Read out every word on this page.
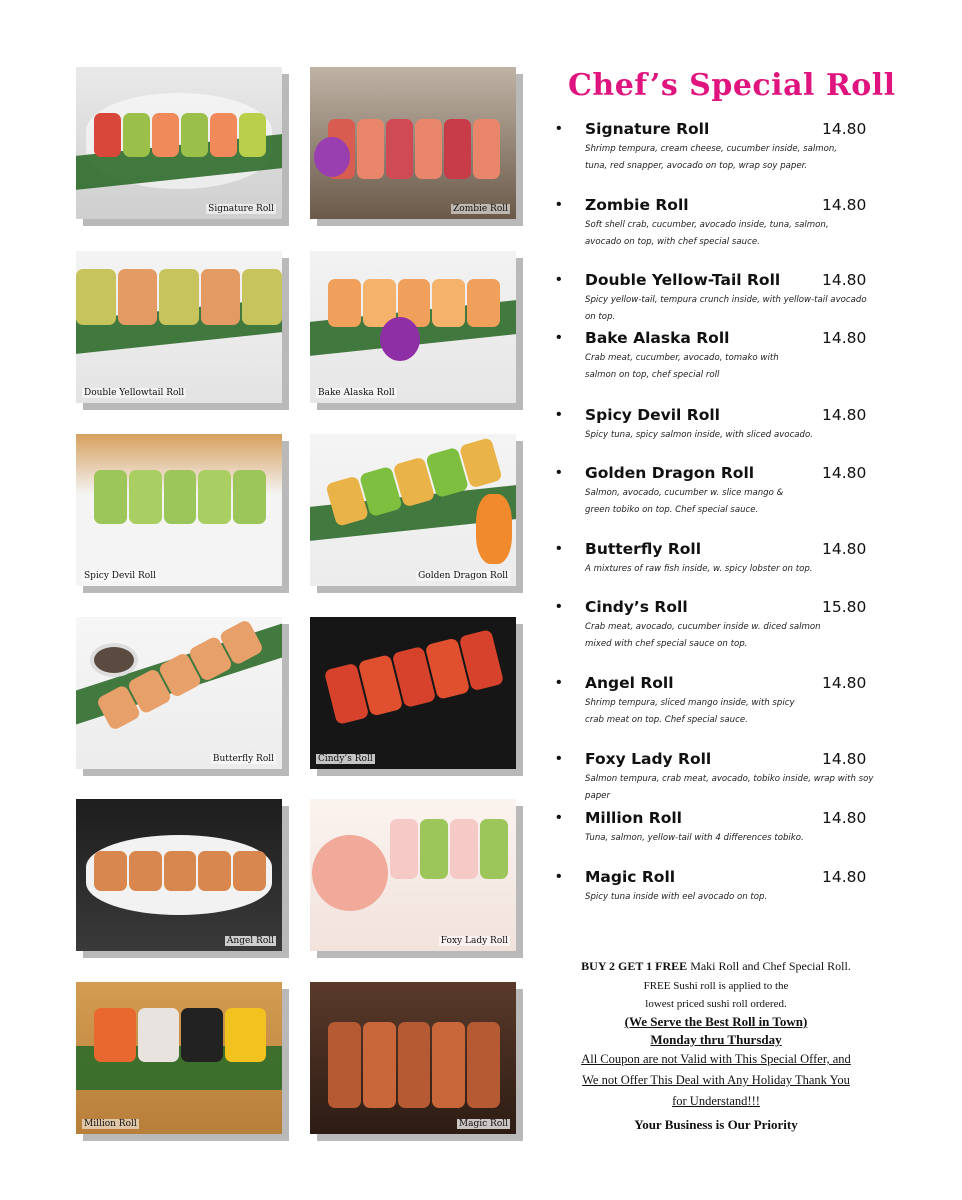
Signature Roll	Zombie Roll
Double Yellowtail Roll	Bake Alaska Roll
Spicy Devil Roll	Golden Dragon Roll
Butterfly Roll	Cindy’s Roll
Angel Roll	Foxy Lady Roll
Million Roll	Magic Roll
Chef’s Special Roll
• Signature Roll	14.80
Shrimp tempura, cream cheese, cucumber inside, salmon,
tuna, red snapper, avocado on top, wrap soy paper.
• Zombie Roll	14.80
Soft shell crab, cucumber, avocado inside, tuna, salmon,
avocado on top, with chef special sauce.
• Double Yellow-Tail Roll	14.80
Spicy yellow-tail, tempura crunch inside, with yellow-tail avocado on top.
• Bake Alaska Roll	14.80
Crab meat, cucumber, avocado, tomako with
salmon on top, chef special roll
• Spicy Devil Roll	14.80
Spicy tuna, spicy salmon inside, with sliced avocado.
• Golden Dragon Roll	14.80
Salmon, avocado, cucumber w. slice mango &
green tobiko on top. Chef special sauce.
• Butterfly Roll	14.80
A mixtures of raw fish inside, w. spicy lobster on top.
• Cindy’s Roll	15.80
Crab meat, avocado, cucumber inside w. diced salmon
mixed with chef special sauce on top.
• Angel Roll	14.80
Shrimp tempura, sliced mango inside, with spicy
crab meat on top. Chef special sauce.
• Foxy Lady Roll	14.80
Salmon tempura, crab meat, avocado, tobiko inside, wrap with soy paper
• Million Roll	14.80
Tuna, salmon, yellow-tail with 4 differences tobiko.
• Magic Roll	14.80
Spicy tuna inside with eel avocado on top.
BUY 2 GET 1 FREE Maki Roll and Chef Special Roll.
FREE Sushi roll is applied to the
lowest priced sushi roll ordered.
(We Serve the Best Roll in Town)
Monday thru Thursday
All Coupon are not Valid with This Special Offer, and
We not Offer This Deal with Any Holiday Thank You
for Understand!!!
Your Business is Our Priority
